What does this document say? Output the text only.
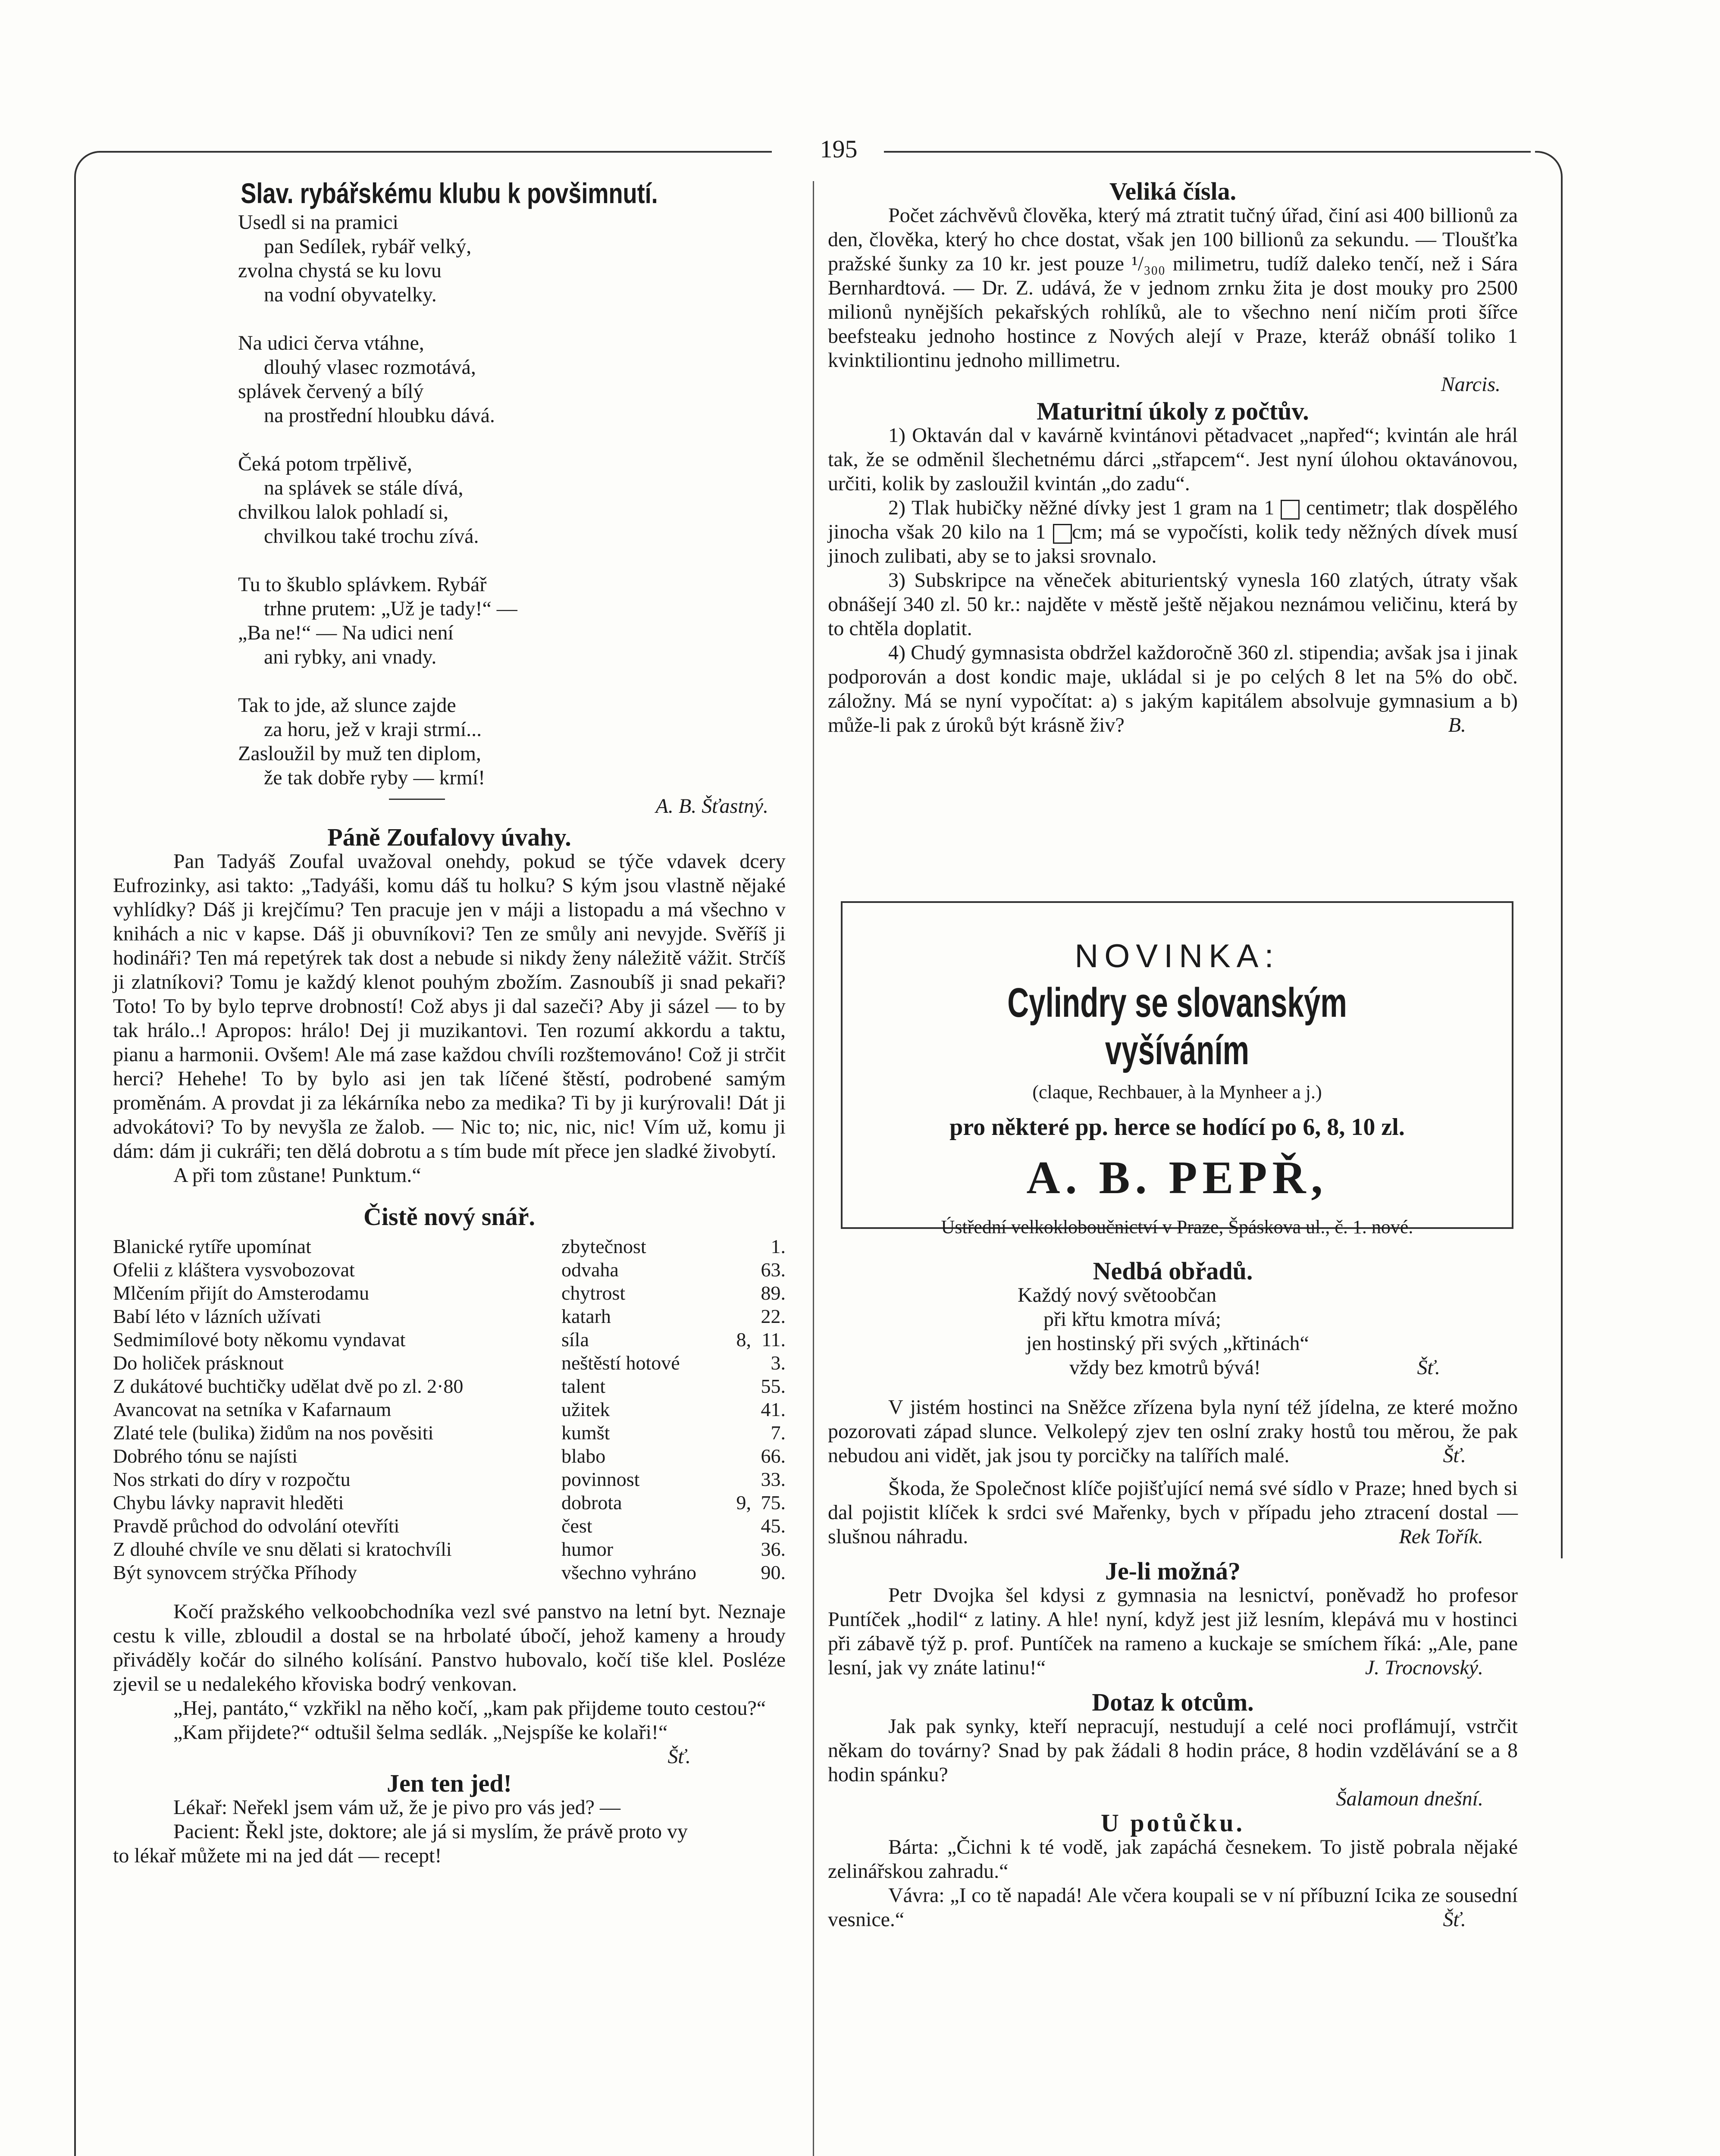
195
Slav. rybářskému klubu k povšimnutí.
Usedl si na pramici
pan Sedílek, rybář velký,
zvolna chystá se ku lovu
na vodní obyvatelky.
Na udici červa vtáhne,
dlouhý vlasec rozmotává,
splávek červený a bílý
na prostřední hloubku dává.
Čeká potom trpělivě,
na splávek se stále dívá,
chvilkou lalok pohladí si,
chvilkou také trochu zívá.
Tu to škublo splávkem. Rybář
trhne prutem: „Už je tady!“ —
„Ba ne!“ — Na udici není
ani rybky, ani vnady.
Tak to jde, až slunce zajde
za horu, jež v kraji strmí...
Zasloužil by muž ten diplom,
že tak dobře ryby — krmí!
A. B. Šťastný.
Páně Zoufalovy úvahy.

Pan Tadyáš Zoufal uvažoval onehdy, pokud se týče vdavek dcery Eufrozinky, asi takto: „Tadyáši, komu dáš tu holku? S kým jsou vlastně nějaké vyhlídky? Dáš ji krejčímu? Ten pracuje jen v máji a listopadu a má všechno v knihách a nic v kapse. Dáš ji obuvníkovi? Ten ze smůly ani nevyjde. Svěříš ji hodináři? Ten má repetýrek tak dost a nebude si nikdy ženy náležitě vážit. Strčíš ji zlatníkovi? Tomu je každý klenot pouhým zbožím. Zasnoubíš ji snad pekaři? Toto! To by bylo teprve drobností! Což abys ji dal sazeči? Aby ji sázel — to by tak hrálo..! Apropos: hrálo! Dej ji muzikantovi. Ten rozumí akkordu a taktu, pianu a harmonii. Ovšem! Ale má zase každou chvíli rozštemováno! Což ji strčit herci? Hehehe! To by bylo asi jen tak líčené štěstí, podrobené samým proměnám. A provdat ji za lékárníka nebo za medika? Ti by ji kurýrovali! Dát ji advokátovi? To by nevyšla ze žalob. — Nic to; nic, nic, nic! Vím už, komu ji dám: dám ji cukráři; ten dělá dobrotu a s tím bude mít přece jen sladké živobytí.

A při tom zůstane! Punktum.“

Čistě nový snář.
Blanické rytíře upomínat	zbytečnost		1.
Ofelii z kláštera vysvobozovat	odvaha		63.
Mlčením přijít do Amsterodamu	chytrost		89.
Babí léto v lázních užívati	katarh		22.
Sedmimílové boty někomu vyndavat	síla	8,	11.
Do holiček prásknout	neštěstí hotové		3.
Z dukátové buchtičky udělat dvě po zl. 2·80	talent		55.
Avancovat na setníka v Kafarnaum	užitek		41.
Zlaté tele (bulika) židům na nos pověsiti	kumšt		7.
Dobrého tónu se najísti	blabo		66.
Nos strkati do díry v rozpočtu	povinnost		33.
Chybu lávky napravit hleděti	dobrota	9,	75.
Pravdě průchod do odvolání otevříti	čest		45.
Z dlouhé chvíle ve snu dělati si kratochvíli	humor		36.
Být synovcem strýčka Příhody	všechno vyhráno		90.

Kočí pražského velkoobchodníka vezl své panstvo na letní byt. Neznaje cestu k ville, zbloudil a dostal se na hrbolaté úbočí, jehož kameny a hroudy přiváděly kočár do silného kolísání. Panstvo hubovalo, kočí tiše klel. Posléze zjevil se u nedalekého křoviska bodrý venkovan.

„Hej, pantáto,“ vzkřikl na něho kočí, „kam pak přijdeme touto cestou?“

„Kam přijdete?“ odtušil šelma sedlák. „Nejspíše ke kolaři!“

Šť.

Jen ten jed!

Lékař: Neřekl jsem vám už, že je pivo pro vás jed? —

Pacient: Řekl jste, doktore; ale já si myslím, že právě proto vy

to lékař můžete mi na jed dát — recept!

Veliká čísla.

Počet záchvěvů člověka, který má ztratit tučný úřad, činí asi 400 billionů za den, člověka, který ho chce dostat, však jen 100 billionů za sekundu. — Tloušťka pražské šunky za 10 kr. jest pouze ¹/₃₀₀ milimetru, tudíž daleko tenčí, než i Sára Bernhardtová. — Dr. Z. udává, že v jednom zrnku žita je dost mouky pro 2500 milionů nynějších pekařských rohlíků, ale to všechno není ničím proti šířce beefsteaku jednoho hostince z Nových alejí v Praze, kteráž obnáší toliko 1 kvinktiliontinu jednoho millimetru.

Narcis.

Maturitní úkoly z počtův.

1) Oktaván dal v kavárně kvintánovi pětadvacet „napřed“; kvintán ale hrál tak, že se odměnil šlechetnému dárci „střapcem“. Jest nyní úlohou oktavánovou, určiti, kolik by zasloužil kvintán „do zadu“.

2) Tlak hubičky něžné dívky jest 1 gram na 1 centimetr; tlak dospělého jinocha však 20 kilo na 1 cm; má se vypočísti, kolik tedy něžných dívek musí jinoch zulibati, aby se to jaksi srovnalo.

3) Subskripce na věneček abiturientský vynesla 160 zlatých, útraty však obnášejí 340 zl. 50 kr.: najděte v městě ještě nějakou neznámou veličinu, která by to chtěla doplatit.

4) Chudý gymnasista obdržel každoročně 360 zl. stipendia; avšak jsa i jinak podporován a dost kondic maje, ukládal si je po celých 8 let na 5% do obč. záložny. Má se nyní vypočítat: a) s jakým kapitálem absolvuje gymnasium a b) může-li pak z úroků být krásně živ?	B.

NOVINKA:
Cylindry se slovanským vyšíváním
(claque, Rechbauer, à la Mynheer a j.)
pro některé pp. herce se hodící po 6, 8, 10 zl.
A. B. PEPŘ,
Ústřední velkokloboučnictví v Praze, Špáskova ul., č. 1. nové.
Nedbá obřadů.
Každý nový světoobčan
při křtu kmotra mívá;
jen hostinský při svých „křtinách“
vždy bez kmotrů bývá!	Šť.

V jistém hostinci na Sněžce zřízena byla nyní též jídelna, ze které možno pozorovati západ slunce. Velkolepý zjev ten oslní zraky hostů tou měrou, že pak nebudou ani vidět, jak jsou ty porcičky na talířích malé.	Šť.

Škoda, že Společnost klíče pojišťující nemá své sídlo v Praze; hned bych si dal pojistit klíček k srdci své Mařenky, bych v případu jeho ztracení dostal — slušnou náhradu.	Rek Tořík.

Je-li možná?

Petr Dvojka šel kdysi z gymnasia na lesnictví, poněvadž ho profesor Puntíček „hodil“ z latiny. A hle! nyní, když jest již lesním, klepává mu v hostinci při zábavě týž p. prof. Puntíček na rameno a kuckaje se smíchem říká: „Ale, pane lesní, jak vy znáte latinu!“	J. Trocnovský.

Dotaz k otcům.

Jak pak synky, kteří nepracují, nestudují a celé noci proflámují, vstrčit někam do továrny? Snad by pak žádali 8 hodin práce, 8 hodin vzdělávání se a 8 hodin spánku?

Šalamoun dnešní.

U potůčku.

Bárta: „Čichni k té vodě, jak zapáchá česnekem. To jistě pobrala nějaké zelinářskou zahradu.“

Vávra: „I co tě napadá! Ale včera koupali se v ní příbuzní Icika ze sousední vesnice.“	Šť.
